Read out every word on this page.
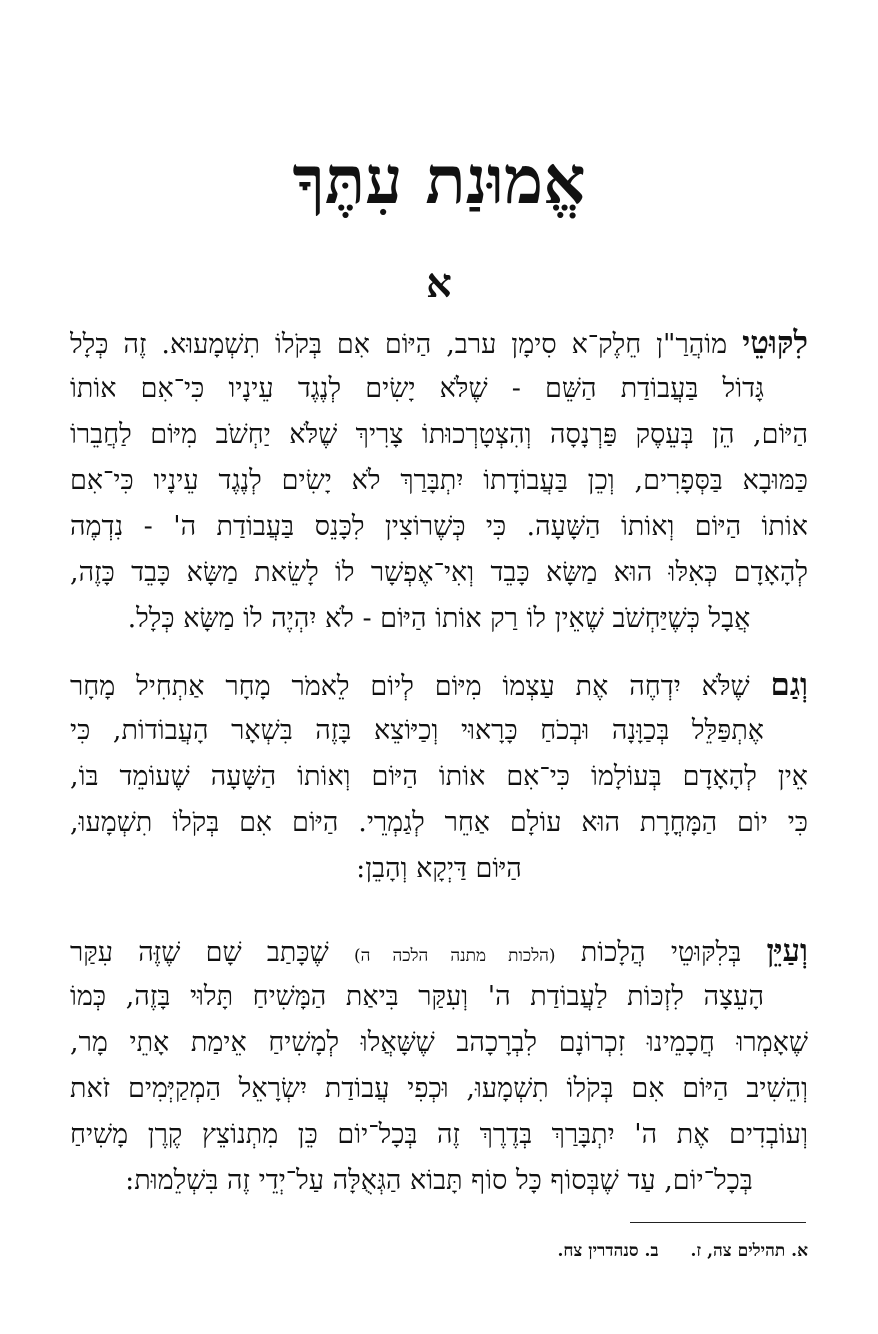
אֱמוּנַת עִתֶּךָ
א
לִקּוּטֵי מוֹהֲרַ"ן חֵלֶק־א סִימָן ערב, הַיּוֹם אִם בְּקֹלוֹ תִשְׁמָעוּא. זֶה כְּלָל
גָּדוֹל בַּעֲבוֹדַת הַשֵּׁם - שֶׁלֹּא יָשִׂים לְנֶגֶד עֵינָיו כִּי־אִם אוֹתוֹ
הַיּוֹם, הֵן בְּעֵסֶק פַּרְנָסָה וְהִצְטָרְכוּתוֹ צָרִיךְ שֶׁלֹּא יַחְשֹׁב מִיּוֹם לַחֲבֵרוֹ
כַּמּוּבָא בַּסְּפָרִים, וְכֵן בַּעֲבוֹדָתוֹ יִתְבָּרַךְ לֹא יָשִׂים לְנֶגֶד עֵינָיו כִּי־אִם
אוֹתוֹ הַיּוֹם וְאוֹתוֹ הַשָּׁעָה. כִּי כְּשֶׁרוֹצִין לִכָּנֵס בַּעֲבוֹדַת ה' - נִדְמֶה
לְהָאָדָם כְּאִלּוּ הוּא מַשָּׂא כָּבֵד וְאִי־אֶפְשָׁר לוֹ לָשֵׂאת מַשָּׂא כָּבֵד כָּזֶה,
אֲבָל כְּשֶׁיַּחְשֹׁב שֶׁאֵין לוֹ רַק אוֹתוֹ הַיּוֹם - לֹא יִהְיֶה לוֹ מַשָּׂא כְּלָל.
וְגַם שֶׁלֹּא יִדְחֶה אֶת עַצְמוֹ מִיּוֹם לְיוֹם לֵאמֹר מָחָר אַתְחִיל מָחָר
אֶתְפַּלֵּל בְּכַוָּנָה וּבְכֹחַ כָּרָאוּי וְכַיּוֹצֵא בָּזֶה בִּשְׁאָר הָעֲבוֹדוֹת, כִּי
אֵין לְהָאָדָם בְּעוֹלָמוֹ כִּי־אִם אוֹתוֹ הַיּוֹם וְאוֹתוֹ הַשָּׁעָה שֶׁעוֹמֵד בּוֹ,
כִּי יוֹם הַמָּחֳרָת הוּא עוֹלָם אַחֵר לְגַמְרֵי. הַיּוֹם אִם בְּקֹלוֹ תִשְׁמָעוּ,
הַיּוֹם דַּיְקָא וְהָבֵן:
וְעַיֵּן בְּלִקּוּטֵי הֲלָכוֹת (הלכות מתנה הלכה ה) שֶׁכָּתַב שָׁם שֶׁזֶּה עִקַּר
הָעֵצָה לִזְכּוֹת לַעֲבוֹדַת ה' וְעִקַּר בִּיאַת הַמָּשִׁיחַ תָּלוּי בָּזֶה, כְּמוֹ
שֶׁאָמְרוּ חֲכָמֵינוּ זִכְרוֹנָם לִבְרָכָהב שֶׁשָּׁאֲלוּ לְמָשִׁיחַ אֵימַת אָתֵי מָר,
וְהֵשִׁיב הַיּוֹם אִם בְּקֹלוֹ תִשְׁמָעוּ, וּכְפִי עֲבוֹדַת יִשְׂרָאֵל הַמְקַיְּמִים זֹאת
וְעוֹבְדִים אֶת ה' יִתְבָּרַךְ בְּדֶרֶךְ זֶה בְּכָל־יוֹם כֵּן מִתְנוֹצֵץ קֶרֶן מָשִׁיחַ
בְּכָל־יוֹם, עַד שֶׁבְּסוֹף כָּל סוֹף תָּבוֹא הַגְּאֻלָּה עַל־יְדֵי זֶה בִּשְׁלֵמוּת:
א. תהילים צה, ז. ב. סנהדרין צח.
